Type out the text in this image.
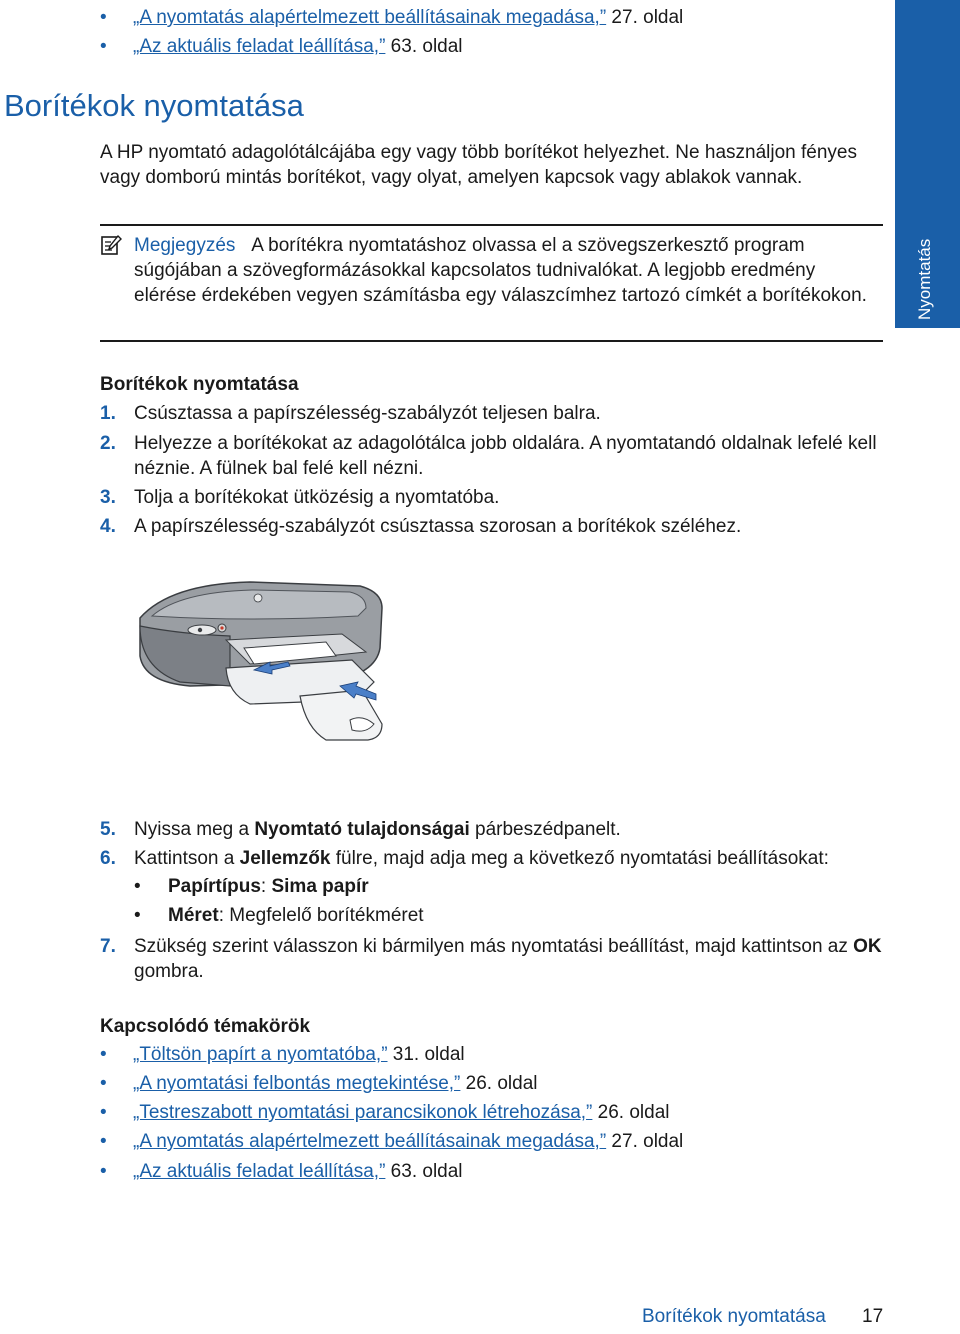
• „A nyomtatás alapértelmezett beállításainak megadása,” 27. oldal
• „Az aktuális feladat leállítása,” 63. oldal
Nyomtatás
Borítékok nyomtatása

A HP nyomtató adagolótálcájába egy vagy több borítékot helyezhet. Ne használjon fényes vagy domború mintás borítékot, vagy olyat, amelyen kapcsok vagy ablakok vannak.

Megjegyzés A borítékra nyomtatáshoz olvassa el a szövegszerkesztő program súgójában a szövegformázásokkal kapcsolatos tudnivalókat. A legjobb eredmény elérése érdekében vegyen számításba egy válaszcímhez tartozó címkét a borítékokon.

Borítékok nyomtatása
1. Csúsztassa a papírszélesség-szabályzót teljesen balra.
2. Helyezze a borítékokat az adagolótálca jobb oldalára. A nyomtatandó oldalnak lefelé kell néznie. A fülnek bal felé kell nézni.
3. Tolja a borítékokat ütközésig a nyomtatóba.
4. A papírszélesség-szabályzót csúsztassa szorosan a borítékok széléhez.
5. Nyissa meg a Nyomtató tulajdonságai párbeszédpanelt.
6. Kattintson a Jellemzők fülre, majd adja meg a következő nyomtatási beállításokat:
• Papírtípus: Sima papír
• Méret: Megfelelő borítékméret
7. Szükség szerint válasszon ki bármilyen más nyomtatási beállítást, majd kattintson az OK gombra.
Kapcsolódó témakörök
• „Töltsön papírt a nyomtatóba,” 31. oldal
• „A nyomtatási felbontás megtekintése,” 26. oldal
• „Testreszabott nyomtatási parancsikonok létrehozása,” 26. oldal
• „A nyomtatás alapértelmezett beállításainak megadása,” 27. oldal
• „Az aktuális feladat leállítása,” 63. oldal
Borítékok nyomtatása 17
